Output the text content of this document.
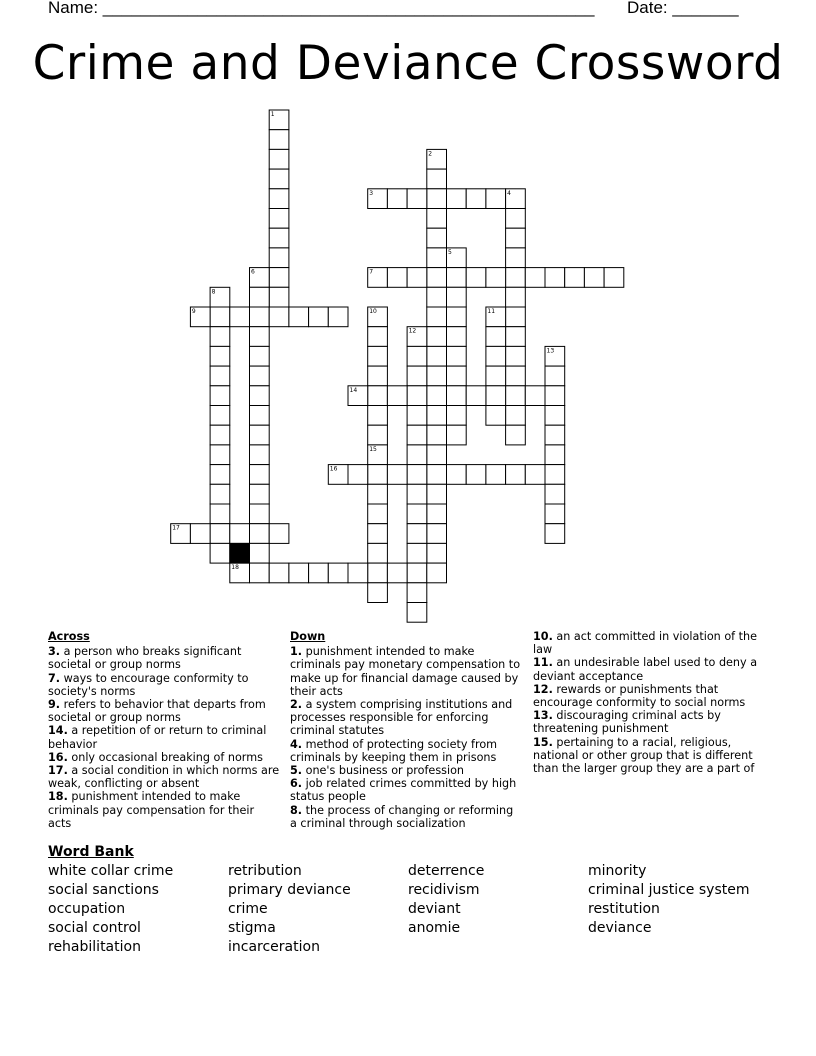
Name: ____________________________________________________ Date: _______
Crime and Deviance Crossword
1
2
3	4
5
6	7
8
9	10	11
12
13
14
15
16
17
18
Across
3. a person who breaks significant societal or group norms
7. ways to encourage conformity to society's norms
9. refers to behavior that departs from societal or group norms
14. a repetition of or return to criminal behavior
16. only occasional breaking of norms
17. a social condition in which norms are weak, conflicting or absent
18. punishment intended to make criminals pay compensation for their acts
Down
1. punishment intended to make criminals pay monetary compensation to make up for financial damage caused by their acts
2. a system comprising institutions and processes responsible for enforcing criminal statutes
4. method of protecting society from criminals by keeping them in prisons
5. one's business or profession
6. job related crimes committed by high status people
8. the process of changing or reforming a criminal through socialization
10. an act committed in violation of the law
11. an undesirable label used to deny a deviant acceptance
12. rewards or punishments that encourage conformity to social norms
13. discouraging criminal acts by threatening punishment
15. pertaining to a racial, religious, national or other group that is different than the larger group they are a part of
Word Bank
white collar crime
social sanctions
occupation
social control
rehabilitation
retribution
primary deviance
crime
stigma
incarceration
deterrence
recidivism
deviant
anomie
minority
criminal justice system
restitution
deviance
